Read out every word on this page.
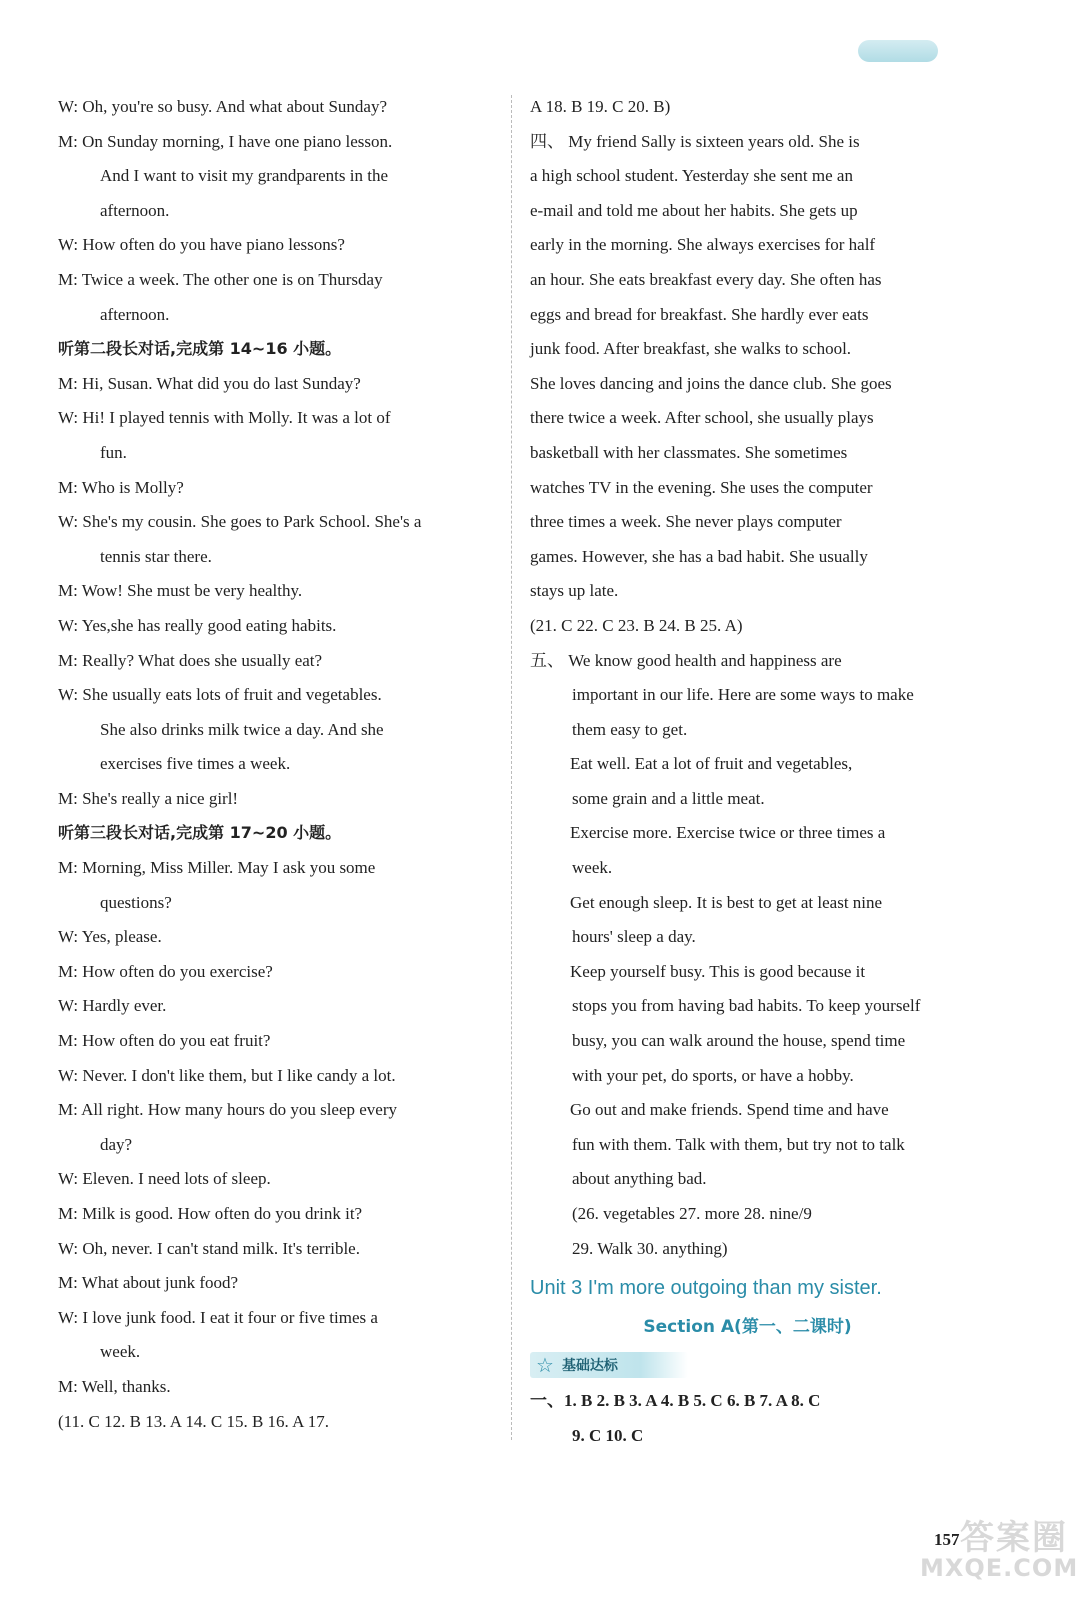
W: Oh, you're so busy. And what about Sunday?
M: On Sunday morning, I have one piano lesson.
And I want to visit my grandparents in the
afternoon.
W: How often do you have piano lessons?
M: Twice a week. The other one is on Thursday
afternoon.
听第二段长对话,完成第 14~16 小题。
M: Hi, Susan. What did you do last Sunday?
W: Hi! I played tennis with Molly. It was a lot of
fun.
M: Who is Molly?
W: She's my cousin. She goes to Park School. She's a
tennis star there.
M: Wow! She must be very healthy.
W: Yes,she has really good eating habits.
M: Really? What does she usually eat?
W: She usually eats lots of fruit and vegetables.
She also drinks milk twice a day. And she
exercises five times a week.
M: She's really a nice girl!
听第三段长对话,完成第 17~20 小题。
M: Morning, Miss Miller. May I ask you some
questions?
W: Yes, please.
M: How often do you exercise?
W: Hardly ever.
M: How often do you eat fruit?
W: Never. I don't like them, but I like candy a lot.
M: All right. How many hours do you sleep every
day?
W: Eleven. I need lots of sleep.
M: Milk is good. How often do you drink it?
W: Oh, never. I can't stand milk. It's terrible.
M: What about junk food?
W: I love junk food. I eat it four or five times a
week.
M: Well, thanks.
(11. C 12. B 13. A 14. C 15. B 16. A 17.
A 18. B 19. C 20. B)
四、 My friend Sally is sixteen years old. She is
a high school student. Yesterday she sent me an
e-mail and told me about her habits. She gets up
early in the morning. She always exercises for half
an hour. She eats breakfast every day. She often has
eggs and bread for breakfast. She hardly ever eats
junk food. After breakfast, she walks to school.
She loves dancing and joins the dance club. She goes
there twice a week. After school, she usually plays
basketball with her classmates. She sometimes
watches TV in the evening. She uses the computer
three times a week. She never plays computer
games. However, she has a bad habit. She usually
stays up late.
(21. C 22. C 23. B 24. B 25. A)
五、 We know good health and happiness are
important in our life. Here are some ways to make
them easy to get.
Eat well. Eat a lot of fruit and vegetables,
some grain and a little meat.
Exercise more. Exercise twice or three times a
week.
Get enough sleep. It is best to get at least nine
hours' sleep a day.
Keep yourself busy. This is good because it
stops you from having bad habits. To keep yourself
busy, you can walk around the house, spend time
with your pet, do sports, or have a hobby.
Go out and make friends. Spend time and have
fun with them. Talk with them, but try not to talk
about anything bad.
(26. vegetables 27. more 28. nine/9
29. Walk 30. anything)
Unit 3 I'm more outgoing than my sister.
Section A(第一、二课时)
☆ 基础达标
一、1. B 2. B 3. A 4. B 5. C 6. B 7. A 8. C
9. C 10. C
答案圈
MXQE.COM
157
